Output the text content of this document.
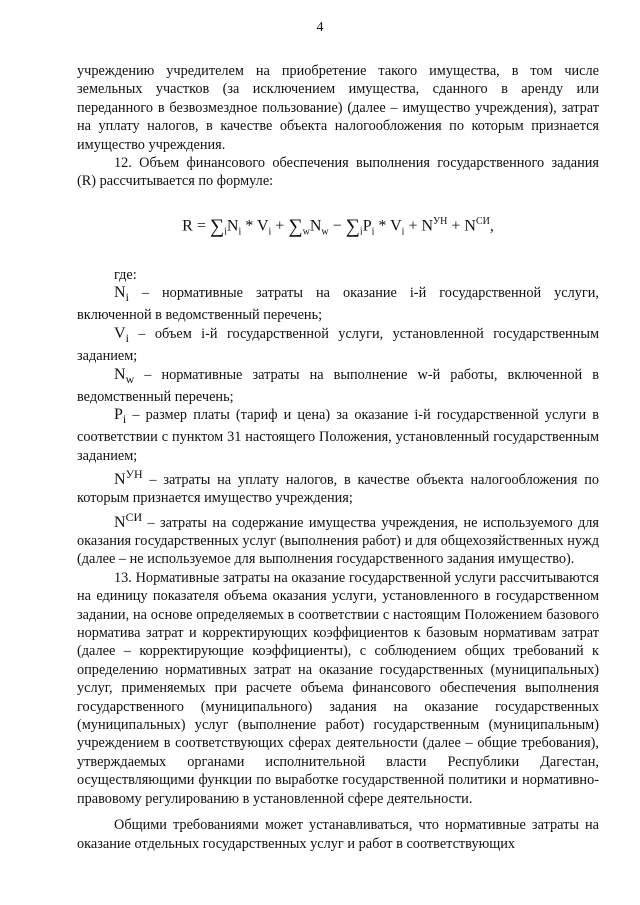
4

учреждению учредителем на приобретение такого имущества, в том числе земельных участков (за исключением имущества, сданного в аренду или переданного в безвозмездное пользование) (далее – имущество учреждения), затрат на уплату налогов, в качестве объекта налогообложения по которым признается имущество учреждения.

12. Объем финансового обеспечения выполнения государственного задания (R) рассчитывается по формуле:

$R = \sum_iN_i * V_i + \sum_wN_w - \sum_iP_i * V_i + N^{УН} + N^{СИ}$,

где:

$N_i$ – нормативные затраты на оказание i-й государственной услуги, включенной в ведомственный перечень;

$V_i$ – объем i-й государственной услуги, установленной государственным заданием;

$N_w$ – нормативные затраты на выполнение w-й работы, включенной в ведомственный перечень;

$P_i$ – размер платы (тариф и цена) за оказание i-й государственной услуги в соответствии с пунктом 31 настоящего Положения, установленный государственным заданием;

$N^{УН}$ – затраты на уплату налогов, в качестве объекта налогообложения по которым признается имущество учреждения;

$N^{СИ}$ – затраты на содержание имущества учреждения, не используемого для оказания государственных услуг (выполнения работ) и для общехозяйственных нужд (далее – не используемое для выполнения государственного задания имущество).

13. Нормативные затраты на оказание государственной услуги рассчитываются на единицу показателя объема оказания услуги, установленного в государственном задании, на основе определяемых в соответствии с настоящим Положением базового норматива затрат и корректирующих коэффициентов к базовым нормативам затрат (далее – корректирующие коэффициенты), с соблюдением общих требований к определению нормативных затрат на оказание государственных (муниципальных) услуг, применяемых при расчете объема финансового обеспечения выполнения государственного (муниципального) задания на оказание государственных (муниципальных) услуг (выполнение работ) государственным (муниципальным) учреждением в соответствующих сферах деятельности (далее – общие требования), утверждаемых органами исполнительной власти Республики Дагестан, осуществляющими функции по выработке государственной политики и нормативно-правовому регулированию в установленной сфере деятельности.

Общими требованиями может устанавливаться, что нормативные затраты на оказание отдельных государственных услуг и работ в соответствующих
